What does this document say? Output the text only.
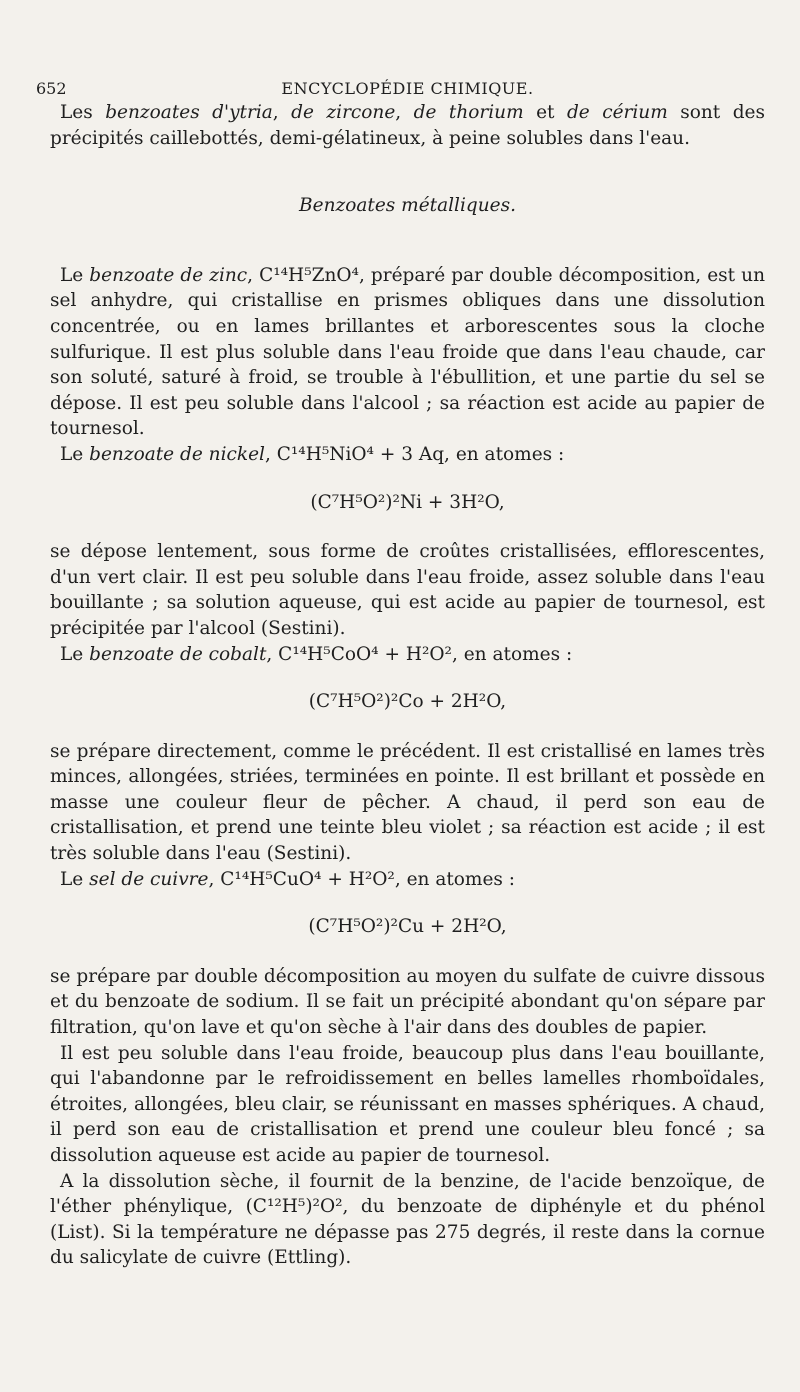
652	ENCYCLOPÉDIE CHIMIQUE.

Les benzoates d'ytria, de zircone, de thorium et de cérium sont des précipités caillebottés, demi-gélatineux, à peine solubles dans l'eau.

Benzoates métalliques.

Le benzoate de zinc, C¹⁴H⁵ZnO⁴, préparé par double décomposition, est un sel anhydre, qui cristallise en prismes obliques dans une dissolution concentrée, ou en lames brillantes et arborescentes sous la cloche sulfurique. Il est plus soluble dans l'eau froide que dans l'eau chaude, car son soluté, saturé à froid, se trouble à l'ébullition, et une partie du sel se dépose. Il est peu soluble dans l'alcool ; sa réaction est acide au papier de tournesol.

Le benzoate de nickel, C¹⁴H⁵NiO⁴ + 3 Aq, en atomes :

(C⁷H⁵O²)²Ni + 3H²O,

se dépose lentement, sous forme de croûtes cristallisées, efflorescentes, d'un vert clair. Il est peu soluble dans l'eau froide, assez soluble dans l'eau bouillante ; sa solution aqueuse, qui est acide au papier de tournesol, est précipitée par l'alcool (Sestini).

Le benzoate de cobalt, C¹⁴H⁵CoO⁴ + H²O², en atomes :

(C⁷H⁵O²)²Co + 2H²O,

se prépare directement, comme le précédent. Il est cristallisé en lames très minces, allongées, striées, terminées en pointe. Il est brillant et possède en masse une couleur fleur de pêcher. A chaud, il perd son eau de cristallisation, et prend une teinte bleu violet ; sa réaction est acide ; il est très soluble dans l'eau (Sestini).

Le sel de cuivre, C¹⁴H⁵CuO⁴ + H²O², en atomes :

(C⁷H⁵O²)²Cu + 2H²O,

se prépare par double décomposition au moyen du sulfate de cuivre dissous et du benzoate de sodium. Il se fait un précipité abondant qu'on sépare par filtration, qu'on lave et qu'on sèche à l'air dans des doubles de papier.

Il est peu soluble dans l'eau froide, beaucoup plus dans l'eau bouillante, qui l'abandonne par le refroidissement en belles lamelles rhomboïdales, étroites, allongées, bleu clair, se réunissant en masses sphériques. A chaud, il perd son eau de cristallisation et prend une couleur bleu foncé ; sa dissolution aqueuse est acide au papier de tournesol.

A la dissolution sèche, il fournit de la benzine, de l'acide benzoïque, de l'éther phénylique, (C¹²H⁵)²O², du benzoate de diphényle et du phénol (List). Si la température ne dépasse pas 275 degrés, il reste dans la cornue du salicylate de cuivre (Ettling).
